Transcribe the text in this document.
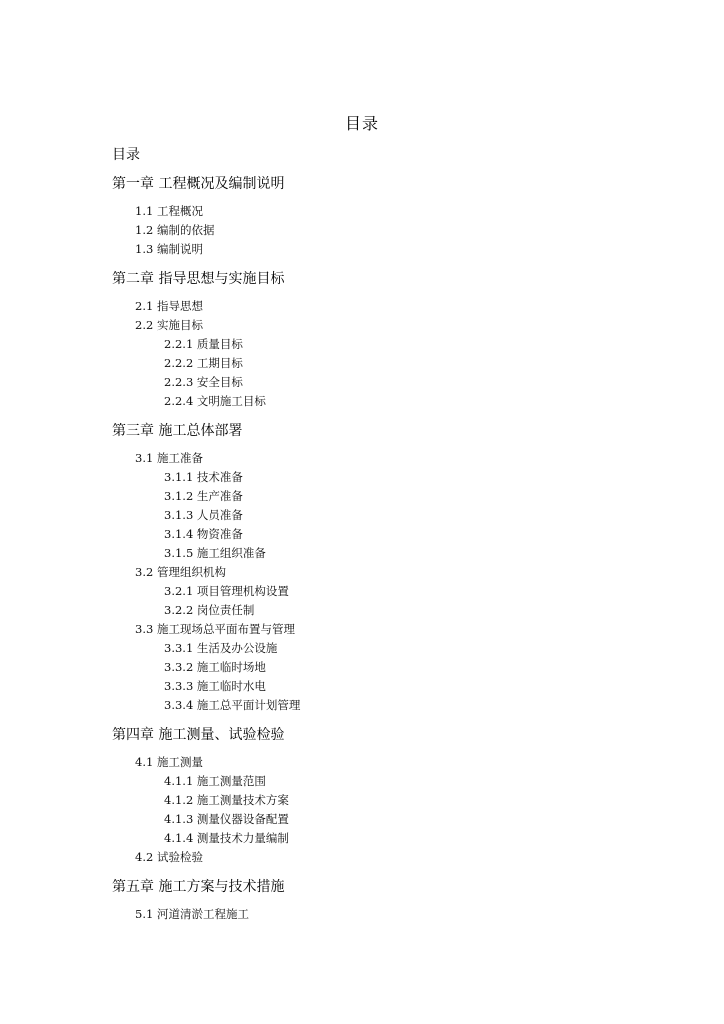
目录
目录
第一章 工程概况及编制说明
1.1 工程概况
1.2 编制的依据
1.3 编制说明
第二章 指导思想与实施目标
2.1 指导思想
2.2 实施目标
2.2.1 质量目标
2.2.2 工期目标
2.2.3 安全目标
2.2.4 文明施工目标
第三章 施工总体部署
3.1 施工准备
3.1.1 技术准备
3.1.2 生产准备
3.1.3 人员准备
3.1.4 物资准备
3.1.5 施工组织准备
3.2 管理组织机构
3.2.1 项目管理机构设置
3.2.2 岗位责任制
3.3 施工现场总平面布置与管理
3.3.1 生活及办公设施
3.3.2 施工临时场地
3.3.3 施工临时水电
3.3.4 施工总平面计划管理
第四章 施工测量、试验检验
4.1 施工测量
4.1.1 施工测量范围
4.1.2 施工测量技术方案
4.1.3 测量仪器设备配置
4.1.4 测量技术力量编制
4.2 试验检验
第五章 施工方案与技术措施
5.1 河道清淤工程施工
